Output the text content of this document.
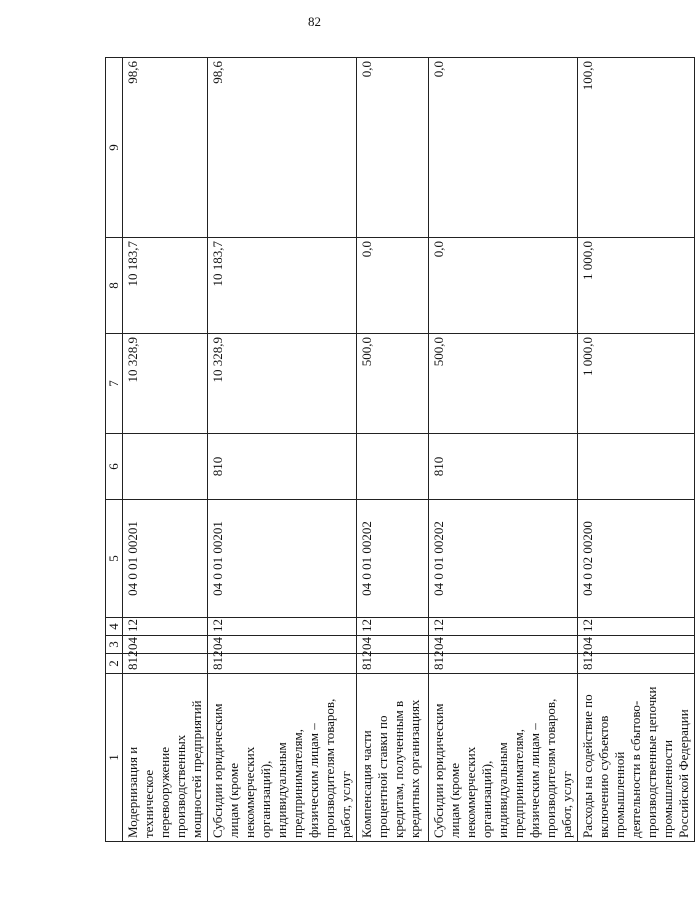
82
1	2	3	4	5	6	7	8	9
Модернизация и техническое перевооружение производственных мощностей предприятий	812	04	12	04 0 01 00201		10 328,9	10 183,7	98,6
Субсидии юридическим лицам (кроме некоммерческих организаций), индивидуальным предпринимателям, физическим лицам – производителям товаров, работ, услуг	812	04	12	04 0 01 00201	810	10 328,9	10 183,7	98,6
Компенсация части процентной ставки по кредитам, полученным в кредитных организациях	812	04	12	04 0 01 00202		500,0	0,0	0,0
Субсидии юридическим лицам (кроме некоммерческих организаций), индивидуальным предпринимателям, физическим лицам – производителям товаров, работ, услуг	812	04	12	04 0 01 00202	810	500,0	0,0	0,0
Расходы на содействие по включению субъектов промышленной деятельности в сбытово-производственные цепочки промышленности Российской Федерации	812	04	12	04 0 02 00200		1 000,0	1 000,0	100,0
